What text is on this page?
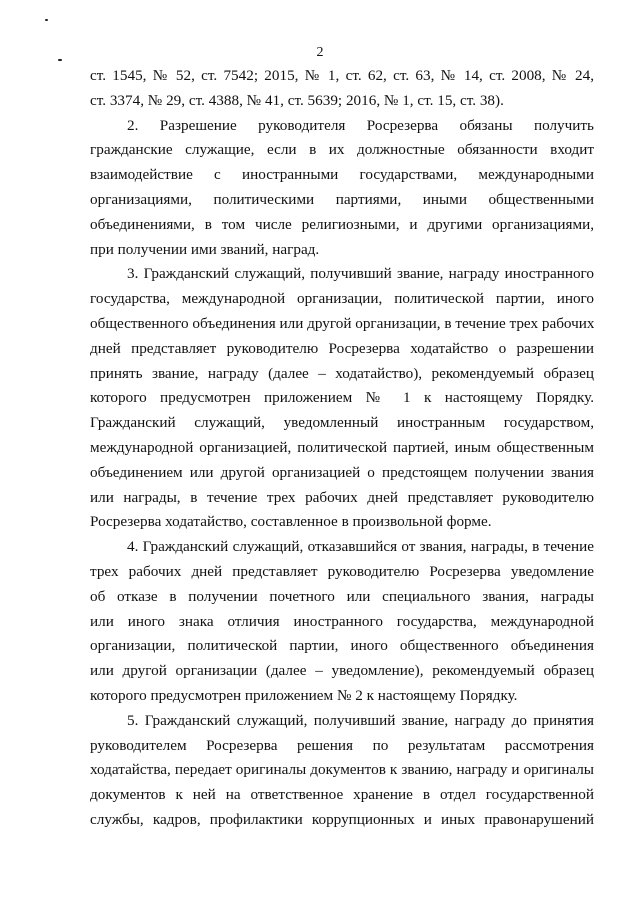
2
ст. 1545, № 52, ст. 7542; 2015, № 1, ст. 62, ст. 63, № 14, ст. 2008, № 24,
ст. 3374, № 29, ст. 4388, № 41, ст. 5639; 2016, № 1, ст. 15, ст. 38).
2. Разрешение руководителя Росрезерва обязаны получить
гражданские служащие, если в их должностные обязанности входит
взаимодействие с иностранными государствами, международными
организациями, политическими партиями, иными общественными
объединениями, в том числе религиозными, и другими организациями,
при получении ими званий, наград.
3. Гражданский служащий, получивший звание, награду иностранного
государства, международной организации, политической партии, иного
общественного объединения или другой организации, в течение трех рабочих
дней представляет руководителю Росрезерва ходатайство о разрешении
принять звание, награду (далее – ходатайство), рекомендуемый образец
которого предусмотрен приложением № 1 к настоящему Порядку.
Гражданский служащий, уведомленный иностранным государством,
международной организацией, политической партией, иным общественным
объединением или другой организацией о предстоящем получении звания
или награды, в течение трех рабочих дней представляет руководителю
Росрезерва ходатайство, составленное в произвольной форме.
4. Гражданский служащий, отказавшийся от звания, награды, в течение
трех рабочих дней представляет руководителю Росрезерва уведомление
об отказе в получении почетного или специального звания, награды
или иного знака отличия иностранного государства, международной
организации, политической партии, иного общественного объединения
или другой организации (далее – уведомление), рекомендуемый образец
которого предусмотрен приложением № 2 к настоящему Порядку.
5. Гражданский служащий, получивший звание, награду до принятия
руководителем Росрезерва решения по результатам рассмотрения
ходатайства, передает оригиналы документов к званию, награду и оригиналы
документов к ней на ответственное хранение в отдел государственной
службы, кадров, профилактики коррупционных и иных правонарушений
